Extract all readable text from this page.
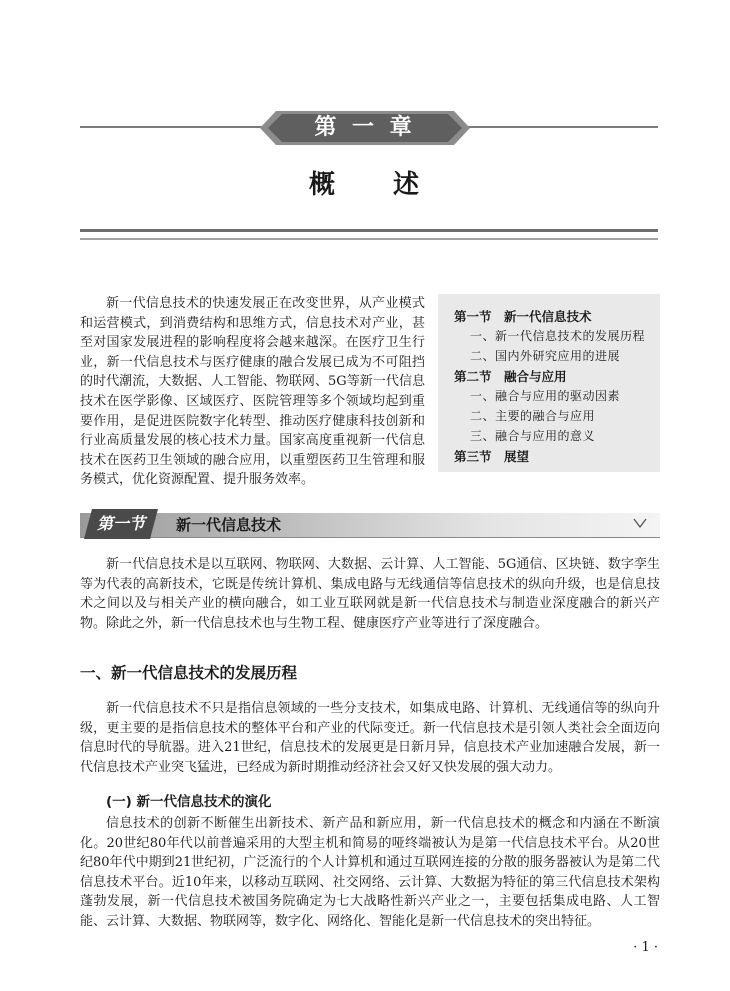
第 一 章
概　　述

新一代信息技术的快速发展正在改变世界，从产业模式和运营模式，到消费结构和思维方式，信息技术对产业，甚至对国家发展进程的影响程度将会越来越深。在医疗卫生行业，新一代信息技术与医疗健康的融合发展已成为不可阻挡的时代潮流，大数据、人工智能、物联网、5G等新一代信息技术在医学影像、区域医疗、医院管理等多个领域均起到重要作用，是促进医院数字化转型、推动医疗健康科技创新和行业高质量发展的核心技术力量。国家高度重视新一代信息技术在医药卫生领域的融合应用，以重塑医药卫生管理和服务模式，优化资源配置、提升服务效率。

第一节　新一代信息技术
一、新一代信息技术的发展历程
二、国内外研究应用的进展
第二节　融合与应用
一、融合与应用的驱动因素
二、主要的融合与应用
三、融合与应用的意义
第三节　展望
第一节	新一代信息技术

新一代信息技术是以互联网、物联网、大数据、云计算、人工智能、5G通信、区块链、数字孪生等为代表的高新技术，它既是传统计算机、集成电路与无线通信等信息技术的纵向升级，也是信息技术之间以及与相关产业的横向融合，如工业互联网就是新一代信息技术与制造业深度融合的新兴产物。除此之外，新一代信息技术也与生物工程、健康医疗产业等进行了深度融合。

一、新一代信息技术的发展历程

新一代信息技术不只是指信息领域的一些分支技术，如集成电路、计算机、无线通信等的纵向升级，更主要的是指信息技术的整体平台和产业的代际变迁。新一代信息技术是引领人类社会全面迈向信息时代的导航器。进入21世纪，信息技术的发展更是日新月异，信息技术产业加速融合发展，新一代信息技术产业突飞猛进，已经成为新时期推动经济社会又好又快发展的强大动力。

(一) 新一代信息技术的演化

信息技术的创新不断催生出新技术、新产品和新应用，新一代信息技术的概念和内涵在不断演化。20世纪80年代以前普遍采用的大型主机和简易的哑终端被认为是第一代信息技术平台。从20世纪80年代中期到21世纪初，广泛流行的个人计算机和通过互联网连接的分散的服务器被认为是第二代信息技术平台。近10年来，以移动互联网、社交网络、云计算、大数据为特征的第三代信息技术架构蓬勃发展，新一代信息技术被国务院确定为七大战略性新兴产业之一，主要包括集成电路、人工智能、云计算、大数据、物联网等，数字化、网络化、智能化是新一代信息技术的突出特征。

· 1 ·
